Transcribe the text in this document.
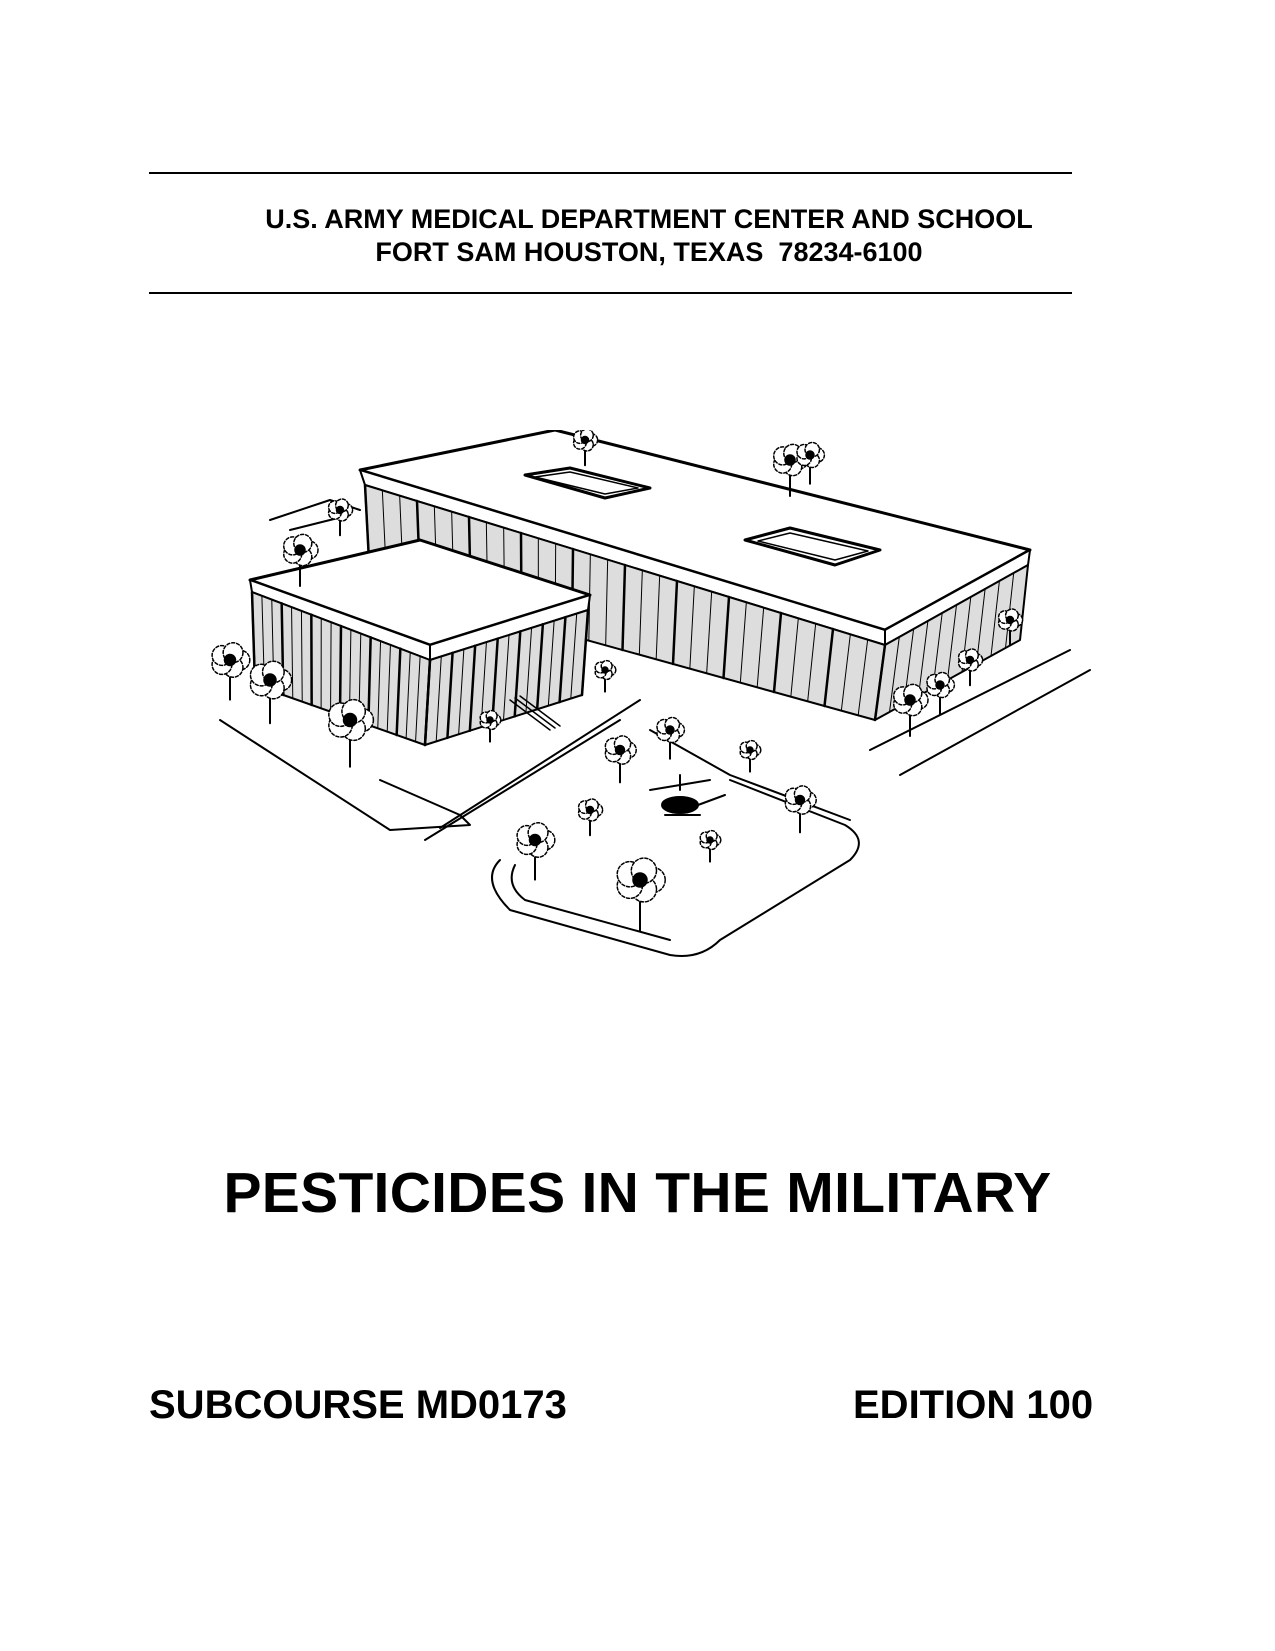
U.S. ARMY MEDICAL DEPARTMENT CENTER AND SCHOOL
FORT SAM HOUSTON, TEXAS  78234-6100
PESTICIDES IN THE MILITARY
SUBCOURSE MD0173	EDITION 100
